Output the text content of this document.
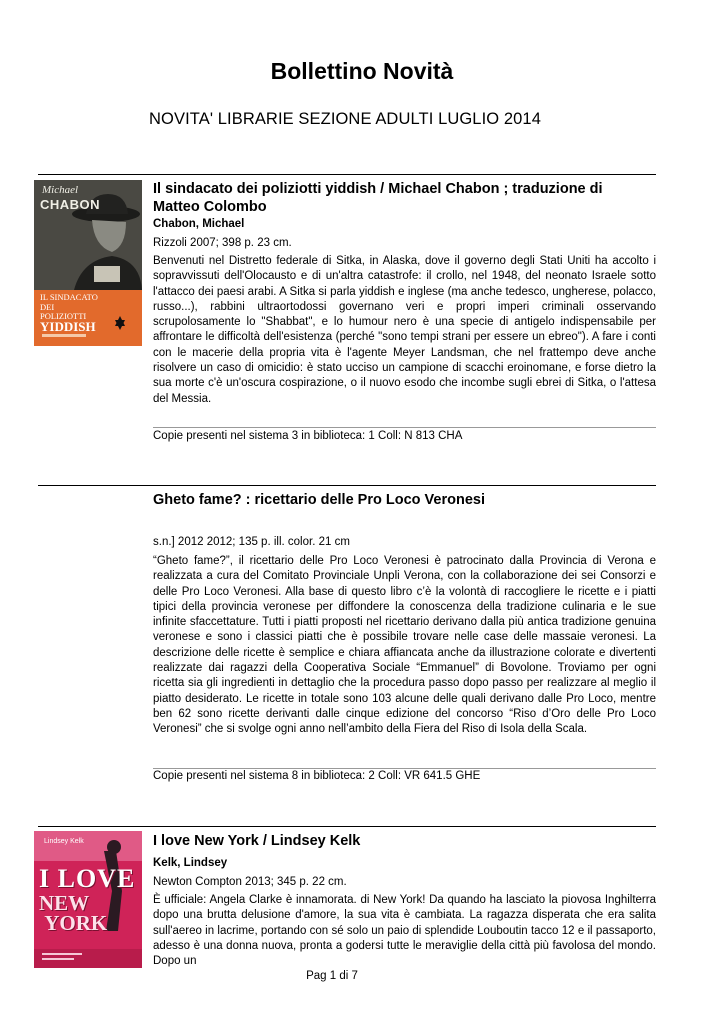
Bollettino Novità
NOVITA' LIBRARIE SEZIONE ADULTI LUGLIO 2014
Michael
CHABON
IL SINDACATO
DEI POLIZIOTTI
YIDDISH
Il sindacato dei poliziotti yiddish / Michael Chabon ; traduzione di Matteo Colombo
Chabon, Michael
Rizzoli 2007; 398 p. 23 cm.
Benvenuti nel Distretto federale di Sitka, in Alaska, dove il governo degli Stati Uniti ha accolto i sopravvissuti dell'Olocausto e di un'altra catastrofe: il crollo, nel 1948, del neonato Israele sotto l'attacco dei paesi arabi. A Sitka si parla yiddish e inglese (ma anche tedesco, ungherese, polacco, russo...), rabbini ultraortodossi governano veri e propri imperi criminali osservando scrupolosamente lo "Shabbat", e lo humour nero è una specie di antigelo indispensabile per affrontare le difficoltà dell'esistenza (perché "sono tempi strani per essere un ebreo"). A fare i conti con le macerie della propria vita è l'agente Meyer Landsman, che nel frattempo deve anche risolvere un caso di omicidio: è stato ucciso un campione di scacchi eroinomane, e forse dietro la sua morte c'è un'oscura cospirazione, o il nuovo esodo che incombe sugli ebrei di Sitka, o l'attesa del Messia.
Copie presenti nel sistema 3 in biblioteca: 1 Coll: N 813 CHA
Gheto fame? : ricettario delle Pro Loco Veronesi
s.n.] 2012 2012; 135 p. ill. color. 21 cm
“Gheto fame?”, il ricettario delle Pro Loco Veronesi è patrocinato dalla Provincia di Verona e realizzata a cura del Comitato Provinciale Unpli Verona, con la collaborazione dei sei Consorzi e delle Pro Loco Veronesi. Alla base di questo libro c’è la volontà di raccogliere le ricette e i piatti tipici della provincia veronese per diffondere la conoscenza della tradizione culinaria e le sue infinite sfaccettature. Tutti i piatti proposti nel ricettario derivano dalla più antica tradizione genuina veronese e sono i classici piatti che è possibile trovare nelle case delle massaie veronesi. La descrizione delle ricette è semplice e chiara affiancata anche da illustrazione colorate e divertenti realizzate dai ragazzi della Cooperativa Sociale “Emmanuel” di Bovolone. Troviamo per ogni ricetta sia gli ingredienti in dettaglio che la procedura passo dopo passo per realizzare al meglio il piatto desiderato. Le ricette in totale sono 103 alcune delle quali derivano dalle Pro Loco, mentre ben 62 sono ricette derivanti dalle cinque edizione del concorso “Riso d’Oro delle Pro Loco Veronesi” che si svolge ogni anno nell’ambito della Fiera del Riso di Isola della Scala.
Copie presenti nel sistema 8 in biblioteca: 2 Coll: VR 641.5 GHE
Lindsey Kelk
I LOVE
NEW
YORK
I love New York / Lindsey Kelk
Kelk, Lindsey
Newton Compton 2013; 345 p. 22 cm.
È ufficiale: Angela Clarke è innamorata. di New York! Da quando ha lasciato la piovosa Inghilterra dopo una brutta delusione d'amore, la sua vita è cambiata. La ragazza disperata che era salita sull'aereo in lacrime, portando con sé solo un paio di splendide Louboutin tacco 12 e il passaporto, adesso è una donna nuova, pronta a godersi tutte le meraviglie della città più favolosa del mondo. Dopo un
Pag 1 di 7
